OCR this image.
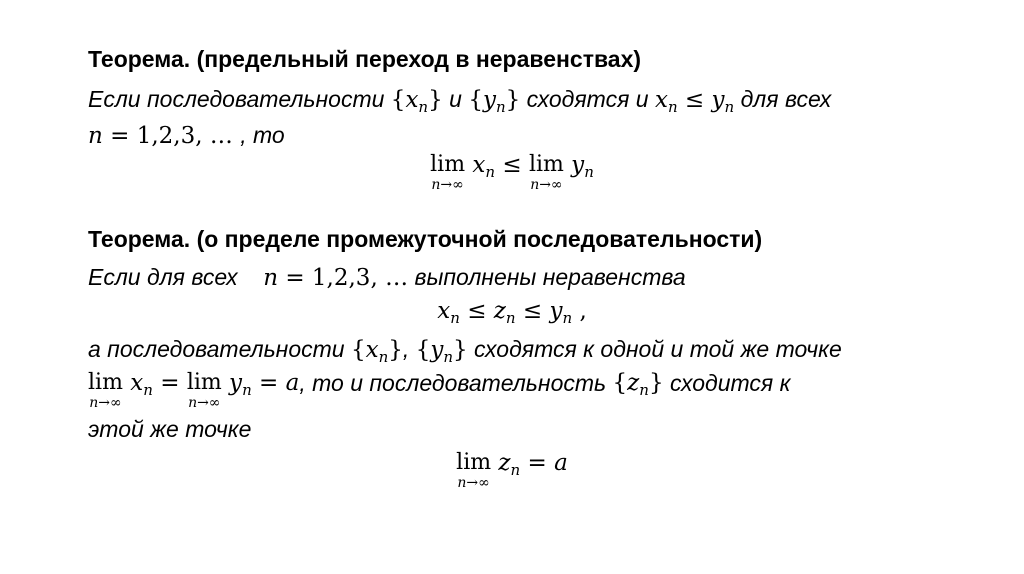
Теорема. (предельный переход в неравенствах)
Если последовательности $\{x_n\}$ и $\{y_n\}$ сходятся и $x_n \le y_n$ для всех
n = 1,2,3, … , то
lim
n→∞
$x_n \le \lim$
n→∞
$y_n$
Теорема. (о пределе промежуточной последовательности)
Если для всех    n = 1,2,3, … выполнены неравенства
$x_n \le z_n \le y_n$ ,
а последовательности $\{x_n\}$, $\{y_n\}$ сходятся к одной и той же точке
lim
n→∞
$x_n = \lim$
n→∞
$y_n = a$, то и последовательность $\{z_n\}$ сходится к
этой же точке
lim
n→∞
$z_n = a$
